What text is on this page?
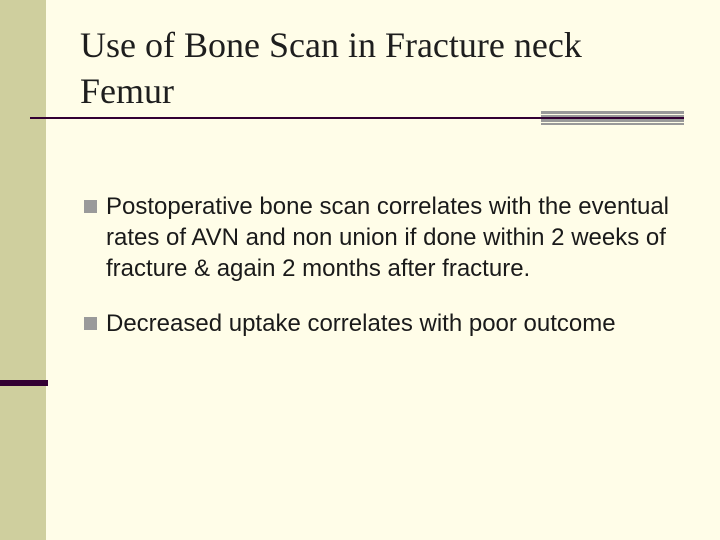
Use of Bone Scan in Fracture neck Femur
Postoperative bone scan correlates with the eventual rates of AVN and non union if done within 2 weeks of fracture & again 2 months after fracture.
Decreased uptake correlates with poor outcome
